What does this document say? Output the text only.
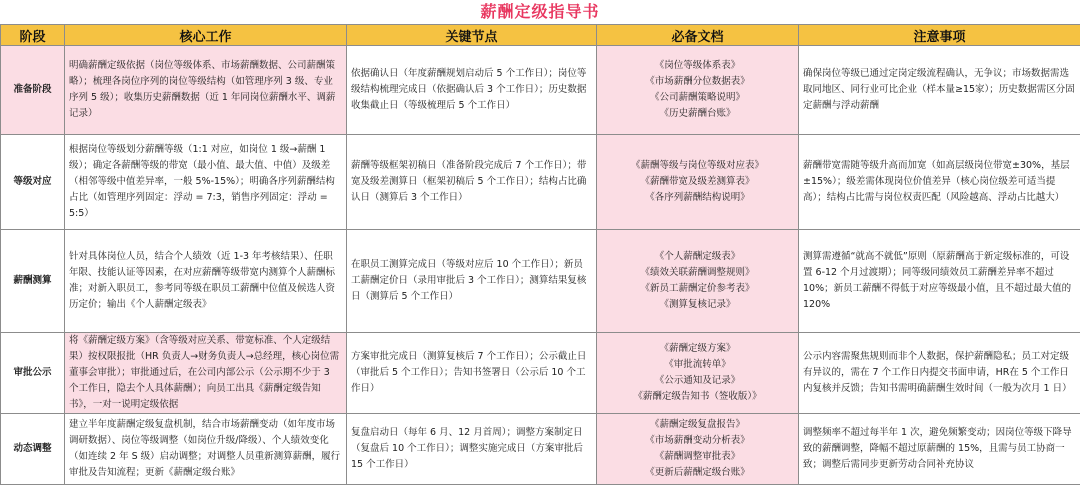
薪酬定级指导书
阶段	核心工作	关键节点	必备文档	注意事项
准备阶段	明确薪酬定级依据（岗位等级体系、市场薪酬数据、公司薪酬策略）；梳理各岗位序列的岗位等级结构（如管理序列 3 级、专业序列 5 级）；收集历史薪酬数据（近 1 年同岗位薪酬水平、调薪记录）	依据确认日（年度薪酬规划启动后 5 个工作日）；岗位等级结构梳理完成日（依据确认后 3 个工作日）；历史数据收集截止日（等级梳理后 5 个工作日）	《岗位等级体系表》
《市场薪酬分位数据表》
《公司薪酬策略说明》
《历史薪酬台账》	确保岗位等级已通过定岗定级流程确认，无争议；市场数据需选取同地区、同行业可比企业（样本量≥15家）；历史数据需区分固定薪酬与浮动薪酬
等级对应	根据岗位等级划分薪酬等级（1:1 对应，如岗位 1 级→薪酬 1 级）；确定各薪酬等级的带宽（最小值、最大值、中值）及级差（相邻等级中值差异率，一般 5%-15%）；明确各序列薪酬结构占比（如管理序列固定：浮动 = 7:3，销售序列固定：浮动 = 5:5）	薪酬等级框架初稿日（准备阶段完成后 7 个工作日）；带宽及级差测算日（框架初稿后 5 个工作日）；结构占比确认日（测算后 3 个工作日）	《薪酬等级与岗位等级对应表》
《薪酬带宽及级差测算表》
《各序列薪酬结构说明》	薪酬带宽需随等级升高而加宽（如高层级岗位带宽±30%，基层±15%）；级差需体现岗位价值差异（核心岗位级差可适当提高）；结构占比需与岗位权责匹配（风险越高、浮动占比越大）
薪酬测算	针对具体岗位人员，结合个人绩效（近 1-3 年考核结果）、任职年限、技能认证等因素，在对应薪酬等级带宽内测算个人薪酬标准；对新入职员工，参考同等级在职员工薪酬中位值及候选人资历定价；输出《个人薪酬定级表》	在职员工测算完成日（等级对应后 10 个工作日）；新员工薪酬定价日（录用审批后 3 个工作日）；测算结果复核日（测算后 5 个工作日）	《个人薪酬定级表》
《绩效关联薪酬调整规则》
《新员工薪酬定价参考表》
《测算复核记录》	测算需遵循“就高不就低”原则（原薪酬高于新定级标准的，可设置 6-12 个月过渡期）；同等级同绩效员工薪酬差异率不超过 10%；新员工薪酬不得低于对应等级最小值，且不超过最大值的 120%
审批公示	将《薪酬定级方案》（含等级对应关系、带宽标准、个人定级结果）按权限报批（HR 负责人→财务负责人→总经理，核心岗位需董事会审批）；审批通过后，在公司内部公示（公示期不少于 3 个工作日，隐去个人具体薪酬）；向员工出具《薪酬定级告知书》，一对一说明定级依据	方案审批完成日（测算复核后 7 个工作日）；公示截止日（审批后 5 个工作日）；告知书签署日（公示后 10 个工作日）	《薪酬定级方案》
《审批流转单》
《公示通知及记录》
《薪酬定级告知书（签收版）》	公示内容需聚焦规则而非个人数据，保护薪酬隐私；员工对定级有异议的，需在 7 个工作日内提交书面申请，HR在 5 个工作日内复核并反馈；告知书需明确薪酬生效时间（一般为次月 1 日）
动态调整	建立半年度薪酬定级复盘机制，结合市场薪酬变动（如年度市场调研数据）、岗位等级调整（如岗位升级/降级）、个人绩效变化（如连续 2 年 S 级）启动调整；对调整人员重新测算薪酬，履行审批及告知流程；更新《薪酬定级台账》	复盘启动日（每年 6 月、12 月首周）；调整方案制定日（复盘后 10 个工作日）；调整实施完成日（方案审批后 15 个工作日）	《薪酬定级复盘报告》
《市场薪酬变动分析表》
《薪酬调整审批表》
《更新后薪酬定级台账》	调整频率不超过每半年 1 次，避免频繁变动；因岗位等级下降导致的薪酬调整，降幅不超过原薪酬的 15%，且需与员工协商一致；调整后需同步更新劳动合同补充协议
